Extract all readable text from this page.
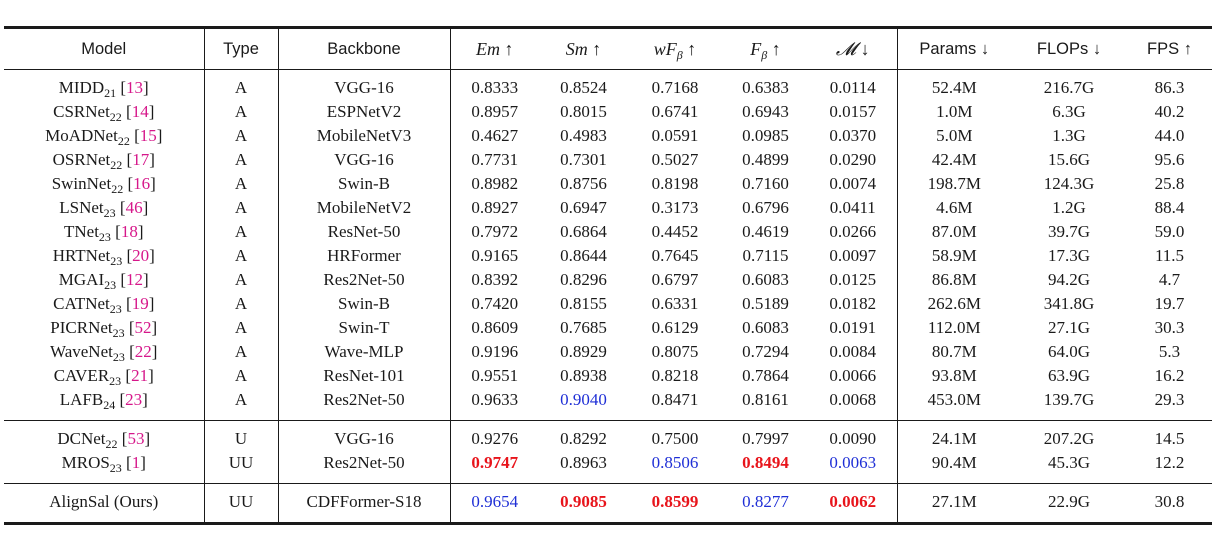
Model	Type	Backbone	Em ↑	Sm ↑	$wF_\beta$ ↑	$F_\beta$ ↑	𝓜 ↓	Params ↓	FLOPs ↓	FPS ↑

$MIDD_{21}$ [13]	A	VGG-16	0.8333	0.8524	0.7168	0.6383	0.0114	52.4M	216.7G	86.3
CSRNet$_{22}$ [14]	A	ESPNetV2	0.8957	0.8015	0.6741	0.6943	0.0157	1.0M	6.3G	40.2
MoADNet$_{22}$ [15]	A	MobileNetV3	0.4627	0.4983	0.0591	0.0985	0.0370	5.0M	1.3G	44.0
OSRNet$_{22}$ [17]	A	VGG-16	0.7731	0.7301	0.5027	0.4899	0.0290	42.4M	15.6G	95.6
SwinNet$_{22}$ [16]	A	Swin-B	0.8982	0.8756	0.8198	0.7160	0.0074	198.7M	124.3G	25.8
LSNet$_{23}$ [46]	A	MobileNetV2	0.8927	0.6947	0.3173	0.6796	0.0411	4.6M	1.2G	88.4
TNet$_{23}$ [18]	A	ResNet-50	0.7972	0.6864	0.4452	0.4619	0.0266	87.0M	39.7G	59.0
HRTNet$_{23}$ [20]	A	HRFormer	0.9165	0.8644	0.7645	0.7115	0.0097	58.9M	17.3G	11.5
$MGAI_{23}$ [12]	A	Res2Net-50	0.8392	0.8296	0.6797	0.6083	0.0125	86.8M	94.2G	4.7
CATNet$_{23}$ [19]	A	Swin-B	0.7420	0.8155	0.6331	0.5189	0.0182	262.6M	341.8G	19.7
PICRNet$_{23}$ [52]	A	Swin-T	0.8609	0.7685	0.6129	0.6083	0.0191	112.0M	27.1G	30.3
WaveNet$_{23}$ [22]	A	Wave-MLP	0.9196	0.8929	0.8075	0.7294	0.0084	80.7M	64.0G	5.3
$CAVER_{23}$ [21]	A	ResNet-101	0.9551	0.8938	0.8218	0.7864	0.0066	93.8M	63.9G	16.2
$LAFB_{24}$ [23]	A	Res2Net-50	0.9633	0.9040	0.8471	0.8161	0.0068	453.0M	139.7G	29.3

DCNet$_{22}$ [53]	U	VGG-16	0.9276	0.8292	0.7500	0.7997	0.0090	24.1M	207.2G	14.5
$MROS_{23}$ [1]	UU	Res2Net-50	0.9747	0.8963	0.8506	0.8494	0.0063	90.4M	45.3G	12.2

AlignSal (Ours)	UU	CDFFormer-S18	0.9654	0.9085	0.8599	0.8277	0.0062	27.1M	22.9G	30.8
